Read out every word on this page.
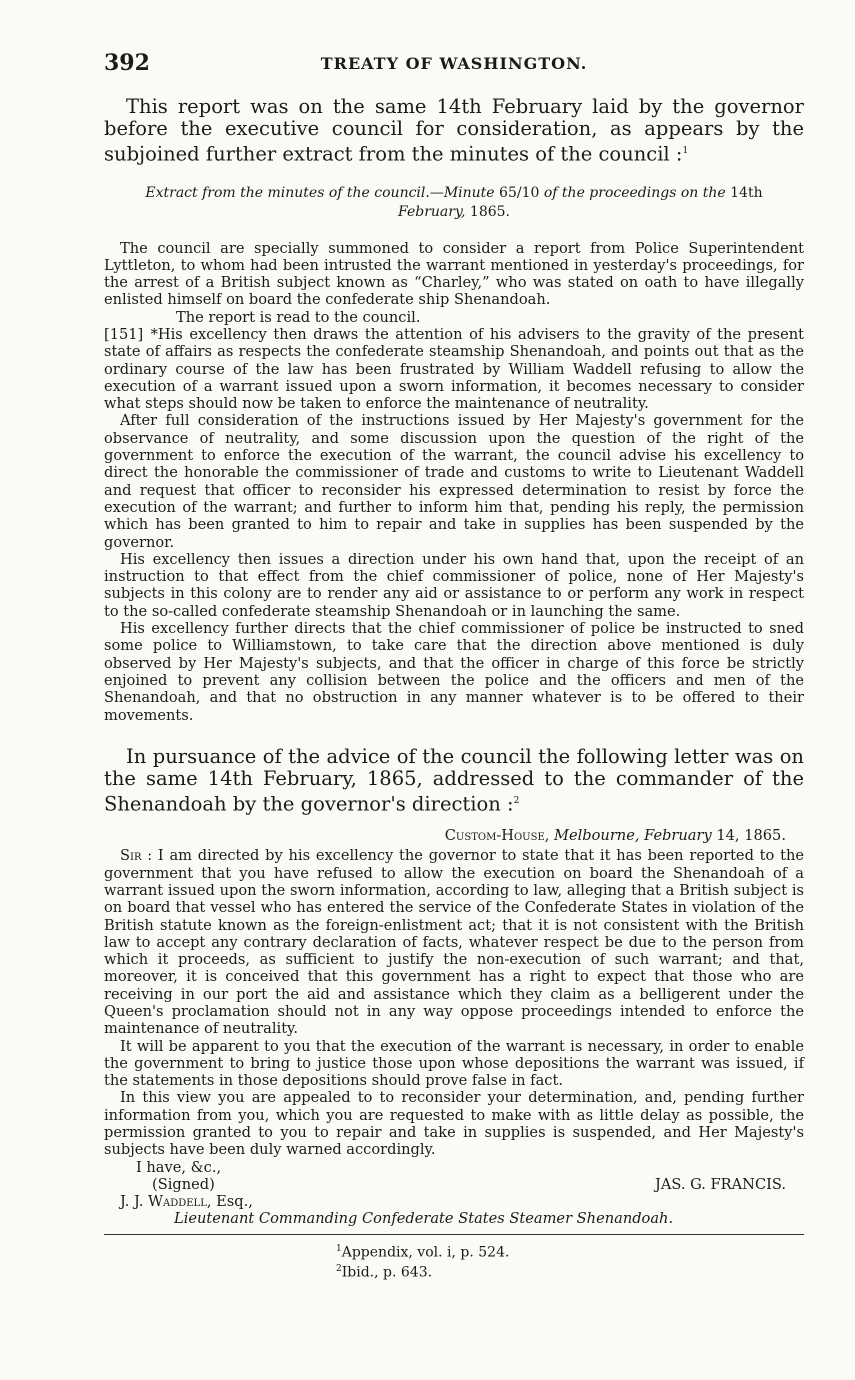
392	TREATY OF WASHINGTON.

This report was on the same 14th February laid by the governor before the executive council for consideration, as appears by the subjoined further extract from the minutes of the council :$^1$

Extract from the minutes of the council.—Minute 65/10 of the proceedings on the 14th
February, 1865.

The council are specially summoned to consider a report from Police Superintendent Lyttleton, to whom had been intrusted the warrant mentioned in yesterday's proceedings, for the arrest of a British subject known as “Charley,” who was stated on oath to have illegally enlisted himself on board the confederate ship Shenandoah.

The report is read to the council.

[151] *His excellency then draws the attention of his advisers to the gravity of the present state of affairs as respects the confederate steamship Shenandoah, and points out that as the ordinary course of the law has been frustrated by William Waddell refusing to allow the execution of a warrant issued upon a sworn information, it becomes necessary to consider what steps should now be taken to enforce the maintenance of neutrality.

After full consideration of the instructions issued by Her Majesty's government for the observance of neutrality, and some discussion upon the question of the right of the government to enforce the execution of the warrant, the council advise his excellency to direct the honorable the commissioner of trade and customs to write to Lieutenant Waddell and request that officer to reconsider his expressed determination to resist by force the execution of the warrant; and further to inform him that, pending his reply, the permission which has been granted to him to repair and take in supplies has been suspended by the governor.

His excellency then issues a direction under his own hand that, upon the receipt of an instruction to that effect from the chief commissioner of police, none of Her Majesty's subjects in this colony are to render any aid or assistance to or perform any work in respect to the so-called confederate steamship Shenandoah or in launching the same.

His excellency further directs that the chief commissioner of police be instructed to sned some police to Williamstown, to take care that the direction above mentioned is duly observed by Her Majesty's subjects, and that the officer in charge of this force be strictly enjoined to prevent any collision between the police and the officers and men of the Shenandoah, and that no obstruction in any manner whatever is to be offered to their movements.

In pursuance of the advice of the council the following letter was on the same 14th February, 1865, addressed to the commander of the Shenandoah by the governor's direction :$^2$

Custom-House, Melbourne, February 14, 1865.

Sir : I am directed by his excellency the governor to state that it has been reported to the government that you have refused to allow the execution on board the Shenandoah of a warrant issued upon the sworn information, according to law, alleging that a British subject is on board that vessel who has entered the service of the Confederate States in violation of the British statute known as the foreign-enlistment act; that it is not consistent with the British law to accept any contrary declaration of facts, whatever respect be due to the person from which it proceeds, as sufficient to justify the non-execution of such warrant; and that, moreover, it is conceived that this government has a right to expect that those who are receiving in our port the aid and assistance which they claim as a belligerent under the Queen's proclamation should not in any way oppose proceedings intended to enforce the maintenance of neutrality.

It will be apparent to you that the execution of the warrant is necessary, in order to enable the government to bring to justice those upon whose depositions the warrant was issued, if the statements in those depositions should prove false in fact.

In this view you are appealed to to reconsider your determination, and, pending further information from you, which you are requested to make with as little delay as possible, the permission granted to you to repair and take in supplies is suspended, and Her Majesty's subjects have been duly warned accordingly.

I have, &c.,

(Signed)	JAS. G. FRANCIS.

J. J. Waddell, Esq.,

Lieutenant Commanding Confederate States Steamer Shenandoah.

$^1$Appendix, vol. i, p. 524.
$^2$Ibid., p. 643.
